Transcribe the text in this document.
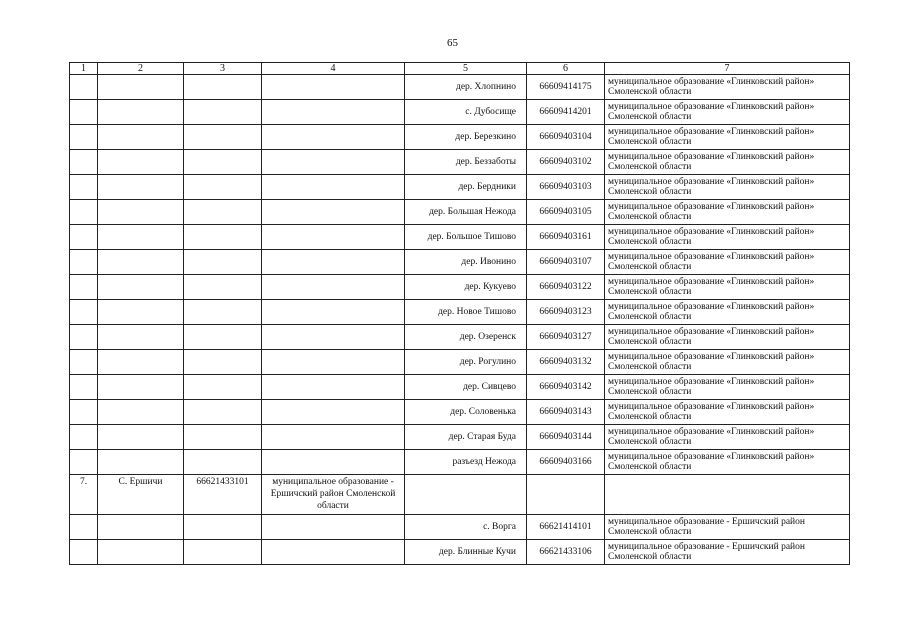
65
1	2	3	4	5	6	7
				дер. Хлопнино	66609414175	муниципальное образование «Глинковский район» Смоленской области
				с. Дубосище	66609414201	муниципальное образование «Глинковский район» Смоленской области
				дер. Березкино	66609403104	муниципальное образование «Глинковский район» Смоленской области
				дер. Беззаботы	66609403102	муниципальное образование «Глинковский район» Смоленской области
				дер. Бердники	66609403103	муниципальное образование «Глинковский район» Смоленской области
				дер. Большая Нежода	66609403105	муниципальное образование «Глинковский район» Смоленской области
				дер. Большое Тишово	66609403161	муниципальное образование «Глинковский район» Смоленской области
				дер. Ивонино	66609403107	муниципальное образование «Глинковский район» Смоленской области
				дер. Кукуево	66609403122	муниципальное образование «Глинковский район» Смоленской области
				дер. Новое Тишово	66609403123	муниципальное образование «Глинковский район» Смоленской области
				дер. Озеренск	66609403127	муниципальное образование «Глинковский район» Смоленской области
				дер. Рогулино	66609403132	муниципальное образование «Глинковский район» Смоленской области
				дер. Сивцево	66609403142	муниципальное образование «Глинковский район» Смоленской области
				дер. Соловенька	66609403143	муниципальное образование «Глинковский район» Смоленской области
				дер. Старая Буда	66609403144	муниципальное образование «Глинковский район» Смоленской области
				разъезд Нежода	66609403166	муниципальное образование «Глинковский район» Смоленской области
7.	С. Ершичи	66621433101	муниципальное образование - Ершичский район Смоленской области			
				с. Ворга	66621414101	муниципальное образование - Ершичский район Смоленской области
				дер. Блинные Кучи	66621433106	муниципальное образование - Ершичский район Смоленской области
